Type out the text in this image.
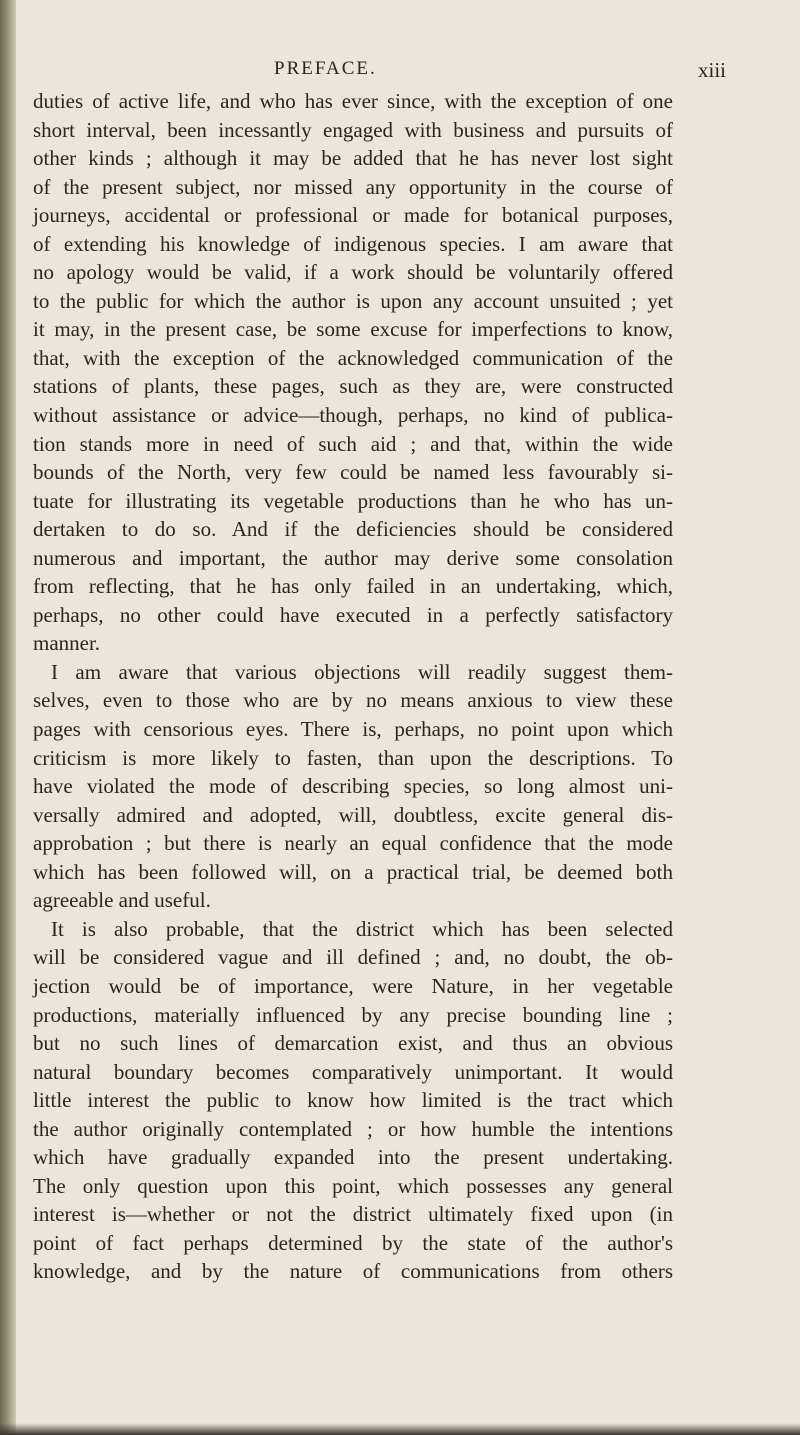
PREFACE.	xiii
duties of active life, and who has ever since, with the exception of one
short interval, been incessantly engaged with business and pursuits of
other kinds ; although it may be added that he has never lost sight
of the present subject, nor missed any opportunity in the course of
journeys, accidental or professional or made for botanical purposes,
of extending his knowledge of indigenous species. I am aware that
no apology would be valid, if a work should be voluntarily offered
to the public for which the author is upon any account unsuited ; yet
it may, in the present case, be some excuse for imperfections to know,
that, with the exception of the acknowledged communication of the
stations of plants, these pages, such as they are, were constructed
without assistance or advice—though, perhaps, no kind of publica-
tion stands more in need of such aid ; and that, within the wide
bounds of the North, very few could be named less favourably si-
tuate for illustrating its vegetable productions than he who has un-
dertaken to do so. And if the deficiencies should be considered
numerous and important, the author may derive some consolation
from reflecting, that he has only failed in an undertaking, which,
perhaps, no other could have executed in a perfectly satisfactory
manner.
I am aware that various objections will readily suggest them-
selves, even to those who are by no means anxious to view these
pages with censorious eyes. There is, perhaps, no point upon which
criticism is more likely to fasten, than upon the descriptions. To
have violated the mode of describing species, so long almost uni-
versally admired and adopted, will, doubtless, excite general dis-
approbation ; but there is nearly an equal confidence that the mode
which has been followed will, on a practical trial, be deemed both
agreeable and useful.
It is also probable, that the district which has been selected
will be considered vague and ill defined ; and, no doubt, the ob-
jection would be of importance, were Nature, in her vegetable
productions, materially influenced by any precise bounding line ;
but no such lines of demarcation exist, and thus an obvious
natural boundary becomes comparatively unimportant. It would
little interest the public to know how limited is the tract which
the author originally contemplated ; or how humble the intentions
which have gradually expanded into the present undertaking.
The only question upon this point, which possesses any general
interest is—whether or not the district ultimately fixed upon (in
point of fact perhaps determined by the state of the author's
knowledge, and by the nature of communications from others
